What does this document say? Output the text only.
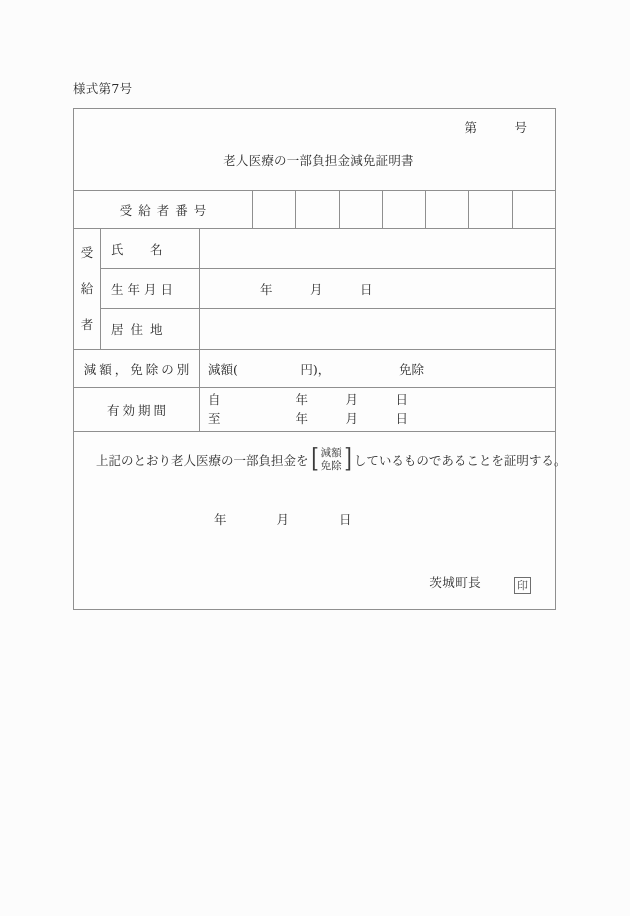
様式第7号
第　　　号
老人医療の一部負担金減免証明書
受給者番号
受
給
者
氏　名
生年月日	年　　　月　　　日
居住地
減額，免除の別	減額(　　　　　円)，　　　　　　免除
有効期間
自　　　　　　年　　　月　　　日
至　　　　　　年　　　月　　　日
上記のとおり老人医療の一部負担金を [ 減額
免除 ] しているものであることを証明する。
年　　　　月　　　　日
茨城町長	印
